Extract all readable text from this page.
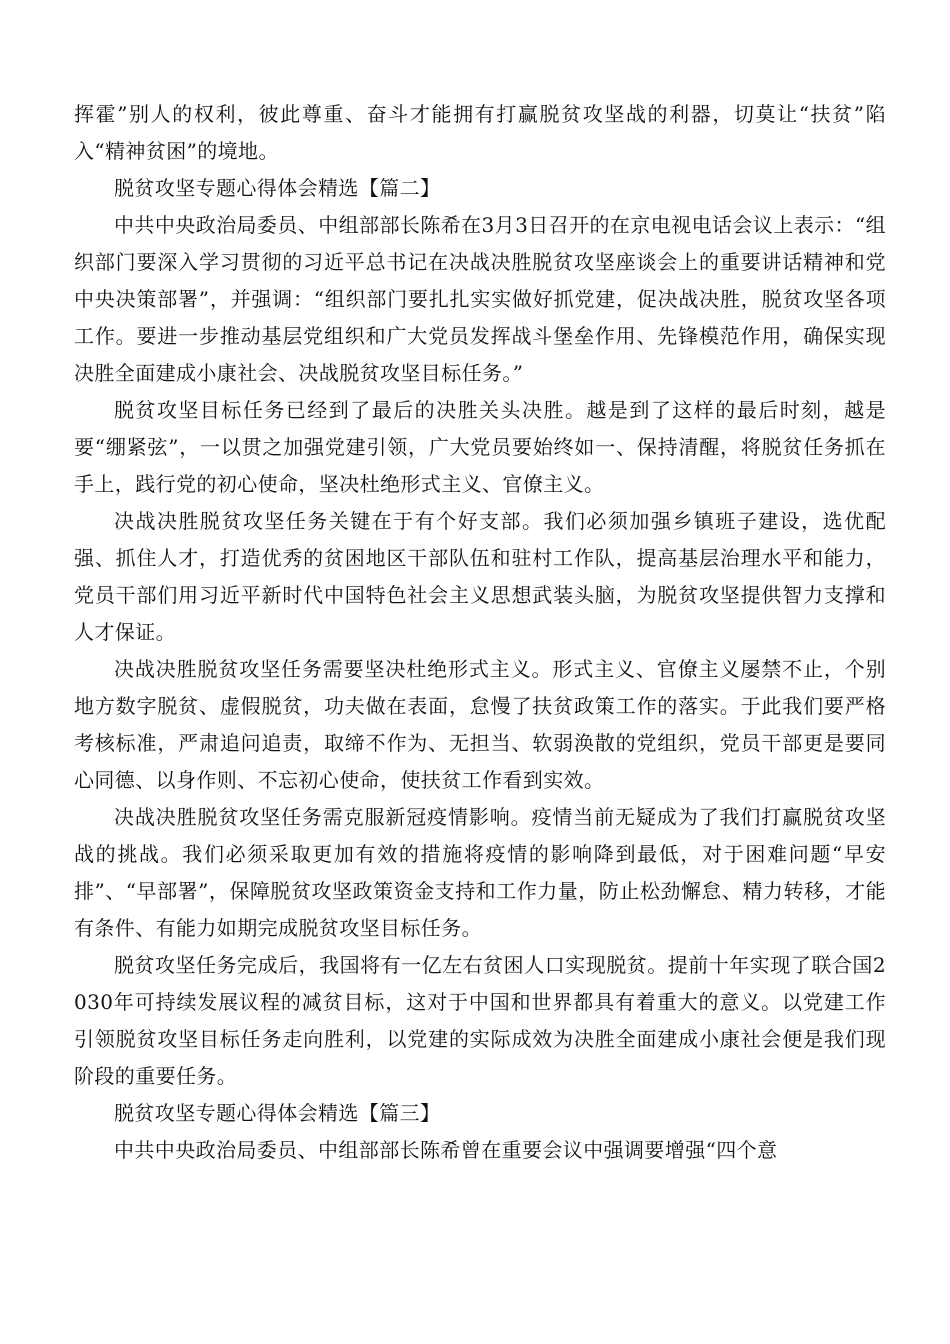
挥霍”别人的权利，彼此尊重、奋斗才能拥有打赢脱贫攻坚战的利器，切莫让“扶贫”陷入“精神贫困”的境地。

脱贫攻坚专题心得体会精选【篇二】

中共中央政治局委员、中组部部长陈希在3月3日召开的在京电视电话会议上表示：“组织部门要深入学习贯彻的习近平总书记在决战决胜脱贫攻坚座谈会上的重要讲话精神和党中央决策部署”，并强调：“组织部门要扎扎实实做好抓党建，促决战决胜，脱贫攻坚各项工作。要进一步推动基层党组织和广大党员发挥战斗堡垒作用、先锋模范作用，确保实现决胜全面建成小康社会、决战脱贫攻坚目标任务。”

脱贫攻坚目标任务已经到了最后的决胜关头决胜。越是到了这样的最后时刻，越是要“绷紧弦”，一以贯之加强党建引领，广大党员要始终如一、保持清醒，将脱贫任务抓在手上，践行党的初心使命，坚决杜绝形式主义、官僚主义。

决战决胜脱贫攻坚任务关键在于有个好支部。我们必须加强乡镇班子建设，选优配强、抓住人才，打造优秀的贫困地区干部队伍和驻村工作队，提高基层治理水平和能力，党员干部们用习近平新时代中国特色社会主义思想武装头脑，为脱贫攻坚提供智力支撑和人才保证。

决战决胜脱贫攻坚任务需要坚决杜绝形式主义。形式主义、官僚主义屡禁不止，个别地方数字脱贫、虚假脱贫，功夫做在表面，怠慢了扶贫政策工作的落实。于此我们要严格考核标准，严肃追问追责，取缔不作为、无担当、软弱涣散的党组织，党员干部更是要同心同德、以身作则、不忘初心使命，使扶贫工作看到实效。

决战决胜脱贫攻坚任务需克服新冠疫情影响。疫情当前无疑成为了我们打赢脱贫攻坚战的挑战。我们必须采取更加有效的措施将疫情的影响降到最低，对于困难问题“早安排”、“早部署”，保障脱贫攻坚政策资金支持和工作力量，防止松劲懈怠、精力转移，才能有条件、有能力如期完成脱贫攻坚目标任务。

脱贫攻坚任务完成后，我国将有一亿左右贫困人口实现脱贫。提前十年实现了联合国2030年可持续发展议程的减贫目标，这对于中国和世界都具有着重大的意义。以党建工作引领脱贫攻坚目标任务走向胜利，以党建的实际成效为决胜全面建成小康社会便是我们现阶段的重要任务。

脱贫攻坚专题心得体会精选【篇三】

中共中央政治局委员、中组部部长陈希曾在重要会议中强调要增强“四个意
